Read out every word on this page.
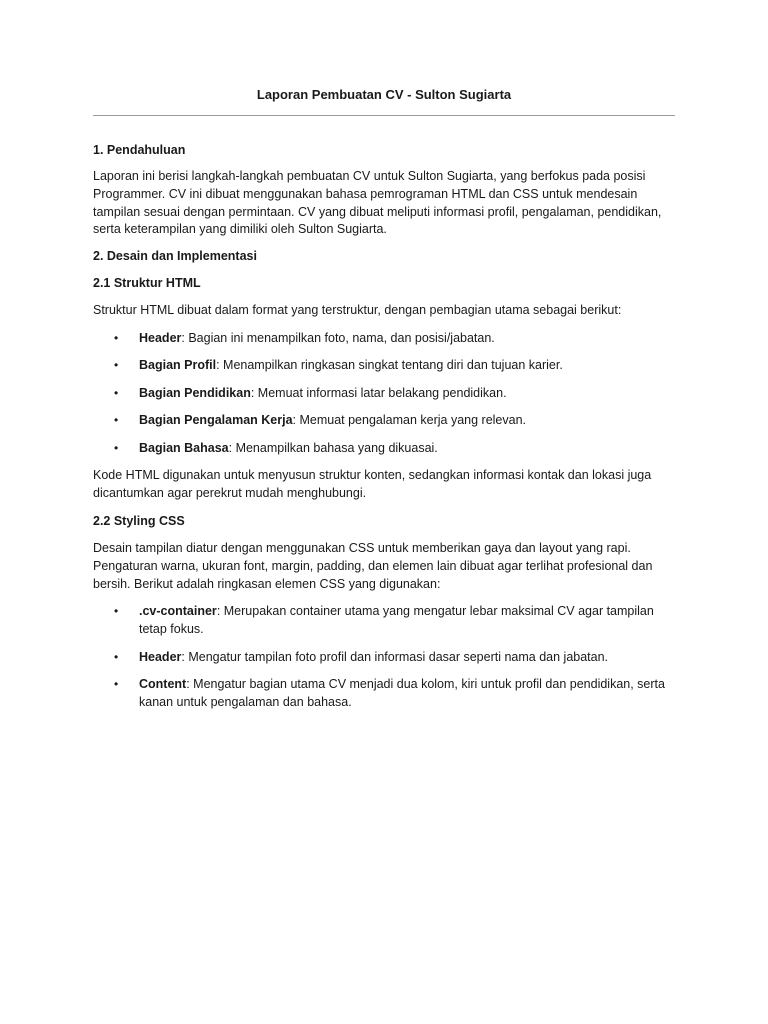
Laporan Pembuatan CV - Sulton Sugiarta
1. Pendahuluan

Laporan ini berisi langkah-langkah pembuatan CV untuk Sulton Sugiarta, yang berfokus pada posisi Programmer. CV ini dibuat menggunakan bahasa pemrograman HTML dan CSS untuk mendesain tampilan sesuai dengan permintaan. CV yang dibuat meliputi informasi profil, pengalaman, pendidikan, serta keterampilan yang dimiliki oleh Sulton Sugiarta.

2. Desain dan Implementasi
2.1 Struktur HTML

Struktur HTML dibuat dalam format yang terstruktur, dengan pembagian utama sebagai berikut:

• Header: Bagian ini menampilkan foto, nama, dan posisi/jabatan.
• Bagian Profil: Menampilkan ringkasan singkat tentang diri dan tujuan karier.
• Bagian Pendidikan: Memuat informasi latar belakang pendidikan.
• Bagian Pengalaman Kerja: Memuat pengalaman kerja yang relevan.
• Bagian Bahasa: Menampilkan bahasa yang dikuasai.

Kode HTML digunakan untuk menyusun struktur konten, sedangkan informasi kontak dan lokasi juga dicantumkan agar perekrut mudah menghubungi.

2.2 Styling CSS

Desain tampilan diatur dengan menggunakan CSS untuk memberikan gaya dan layout yang rapi. Pengaturan warna, ukuran font, margin, padding, dan elemen lain dibuat agar terlihat profesional dan bersih. Berikut adalah ringkasan elemen CSS yang digunakan:

• .cv-container: Merupakan container utama yang mengatur lebar maksimal CV agar tampilan tetap fokus.
• Header: Mengatur tampilan foto profil dan informasi dasar seperti nama dan jabatan.
• Content: Mengatur bagian utama CV menjadi dua kolom, kiri untuk profil dan pendidikan, serta kanan untuk pengalaman dan bahasa.
